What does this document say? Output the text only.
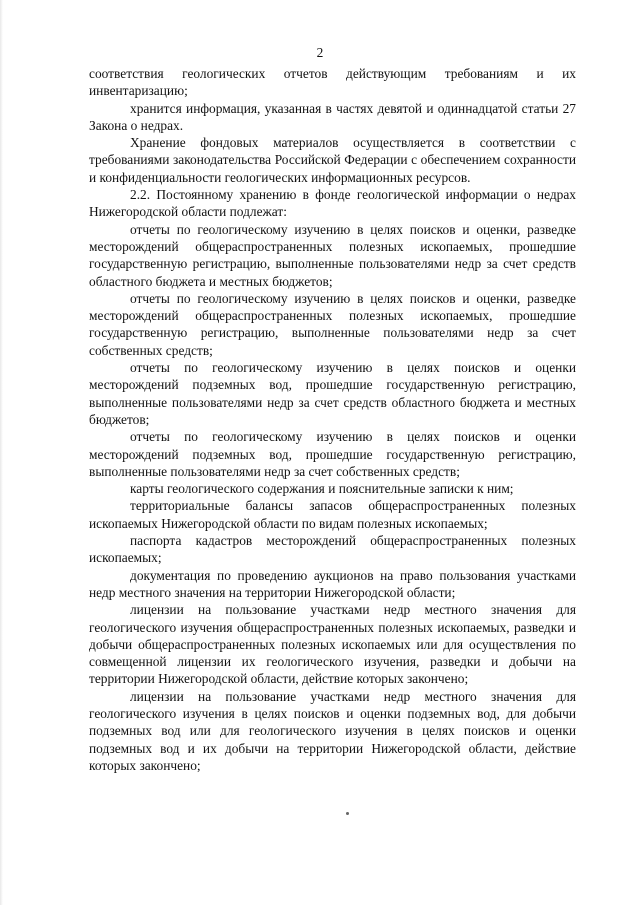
2

соответствия геологических отчетов действующим требованиям и их инвентаризацию;

хранится информация, указанная в частях девятой и одиннадцатой статьи 27 Закона о недрах.

Хранение фондовых материалов осуществляется в соответствии с требованиями законодательства Российской Федерации с обеспечением сохранности и конфиденциальности геологических информационных ресурсов.

2.2. Постоянному хранению в фонде геологической информации о недрах Нижегородской области подлежат:

отчеты по геологическому изучению в целях поисков и оценки, разведке месторождений общераспространенных полезных ископаемых, прошедшие государственную регистрацию, выполненные пользователями недр за счет средств областного бюджета и местных бюджетов;

отчеты по геологическому изучению в целях поисков и оценки, разведке месторождений общераспространенных полезных ископаемых, прошедшие государственную регистрацию, выполненные пользователями недр за счет собственных средств;

отчеты по геологическому изучению в целях поисков и оценки месторождений подземных вод, прошедшие государственную регистрацию, выполненные пользователями недр за счет средств областного бюджета и местных бюджетов;

отчеты по геологическому изучению в целях поисков и оценки месторождений подземных вод, прошедшие государственную регистрацию, выполненные пользователями недр за счет собственных средств;

карты геологического содержания и пояснительные записки к ним;

территориальные балансы запасов общераспространенных полезных ископаемых Нижегородской области по видам полезных ископаемых;

паспорта кадастров месторождений общераспространенных полезных ископаемых;

документация по проведению аукционов на право пользования участками недр местного значения на территории Нижегородской области;

лицензии на пользование участками недр местного значения для геологического изучения общераспространенных полезных ископаемых, разведки и добычи общераспространенных полезных ископаемых или для осуществления по совмещенной лицензии их геологического изучения, разведки и добычи на территории Нижегородской области, действие которых закончено;

лицензии на пользование участками недр местного значения для геологического изучения в целях поисков и оценки подземных вод, для добычи подземных вод или для геологического изучения в целях поисков и оценки подземных вод и их добычи на территории Нижегородской области, действие которых закончено;
